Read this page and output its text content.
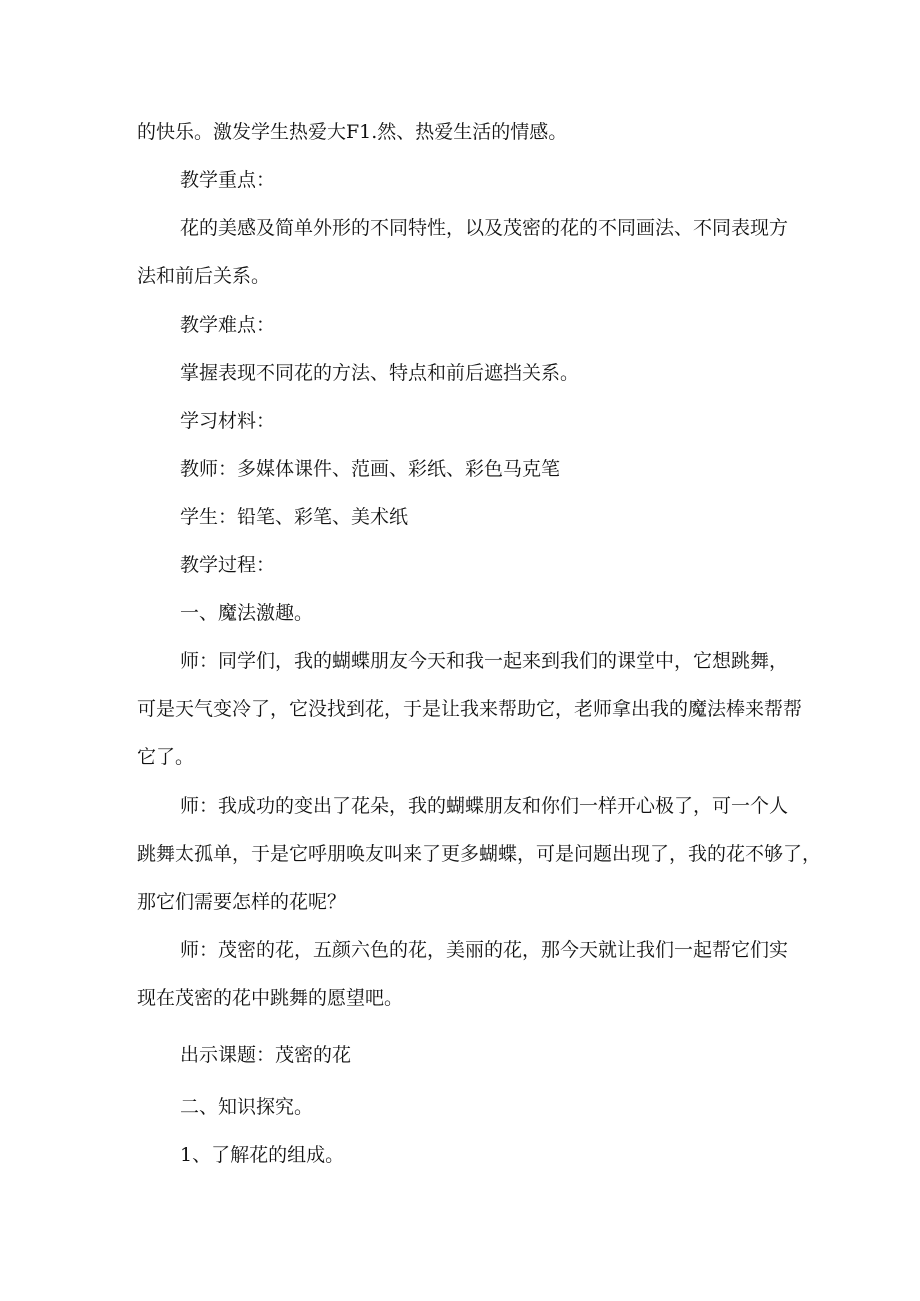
的快乐。激发学生热爱大F1.然、热爱生活的情感。
教学重点：
花的美感及简单外形的不同特性，以及茂密的花的不同画法、不同表现方
法和前后关系。
教学难点：
掌握表现不同花的方法、特点和前后遮挡关系。
学习材料：
教师：多媒体课件、范画、彩纸、彩色马克笔
学生：铅笔、彩笔、美术纸
教学过程：
一、魔法激趣。
师：同学们，我的蝴蝶朋友今天和我一起来到我们的课堂中，它想跳舞，
可是天气变冷了，它没找到花，于是让我来帮助它，老师拿出我的魔法棒来帮帮
它了。
师：我成功的变出了花朵，我的蝴蝶朋友和你们一样开心极了，可一个人
跳舞太孤单，于是它呼朋唤友叫来了更多蝴蝶，可是问题出现了，我的花不够了，
那它们需要怎样的花呢？
师：茂密的花，五颜六色的花，美丽的花，那今天就让我们一起帮它们实
现在茂密的花中跳舞的愿望吧。
出示课题：茂密的花
二、知识探究。
1、了解花的组成。
